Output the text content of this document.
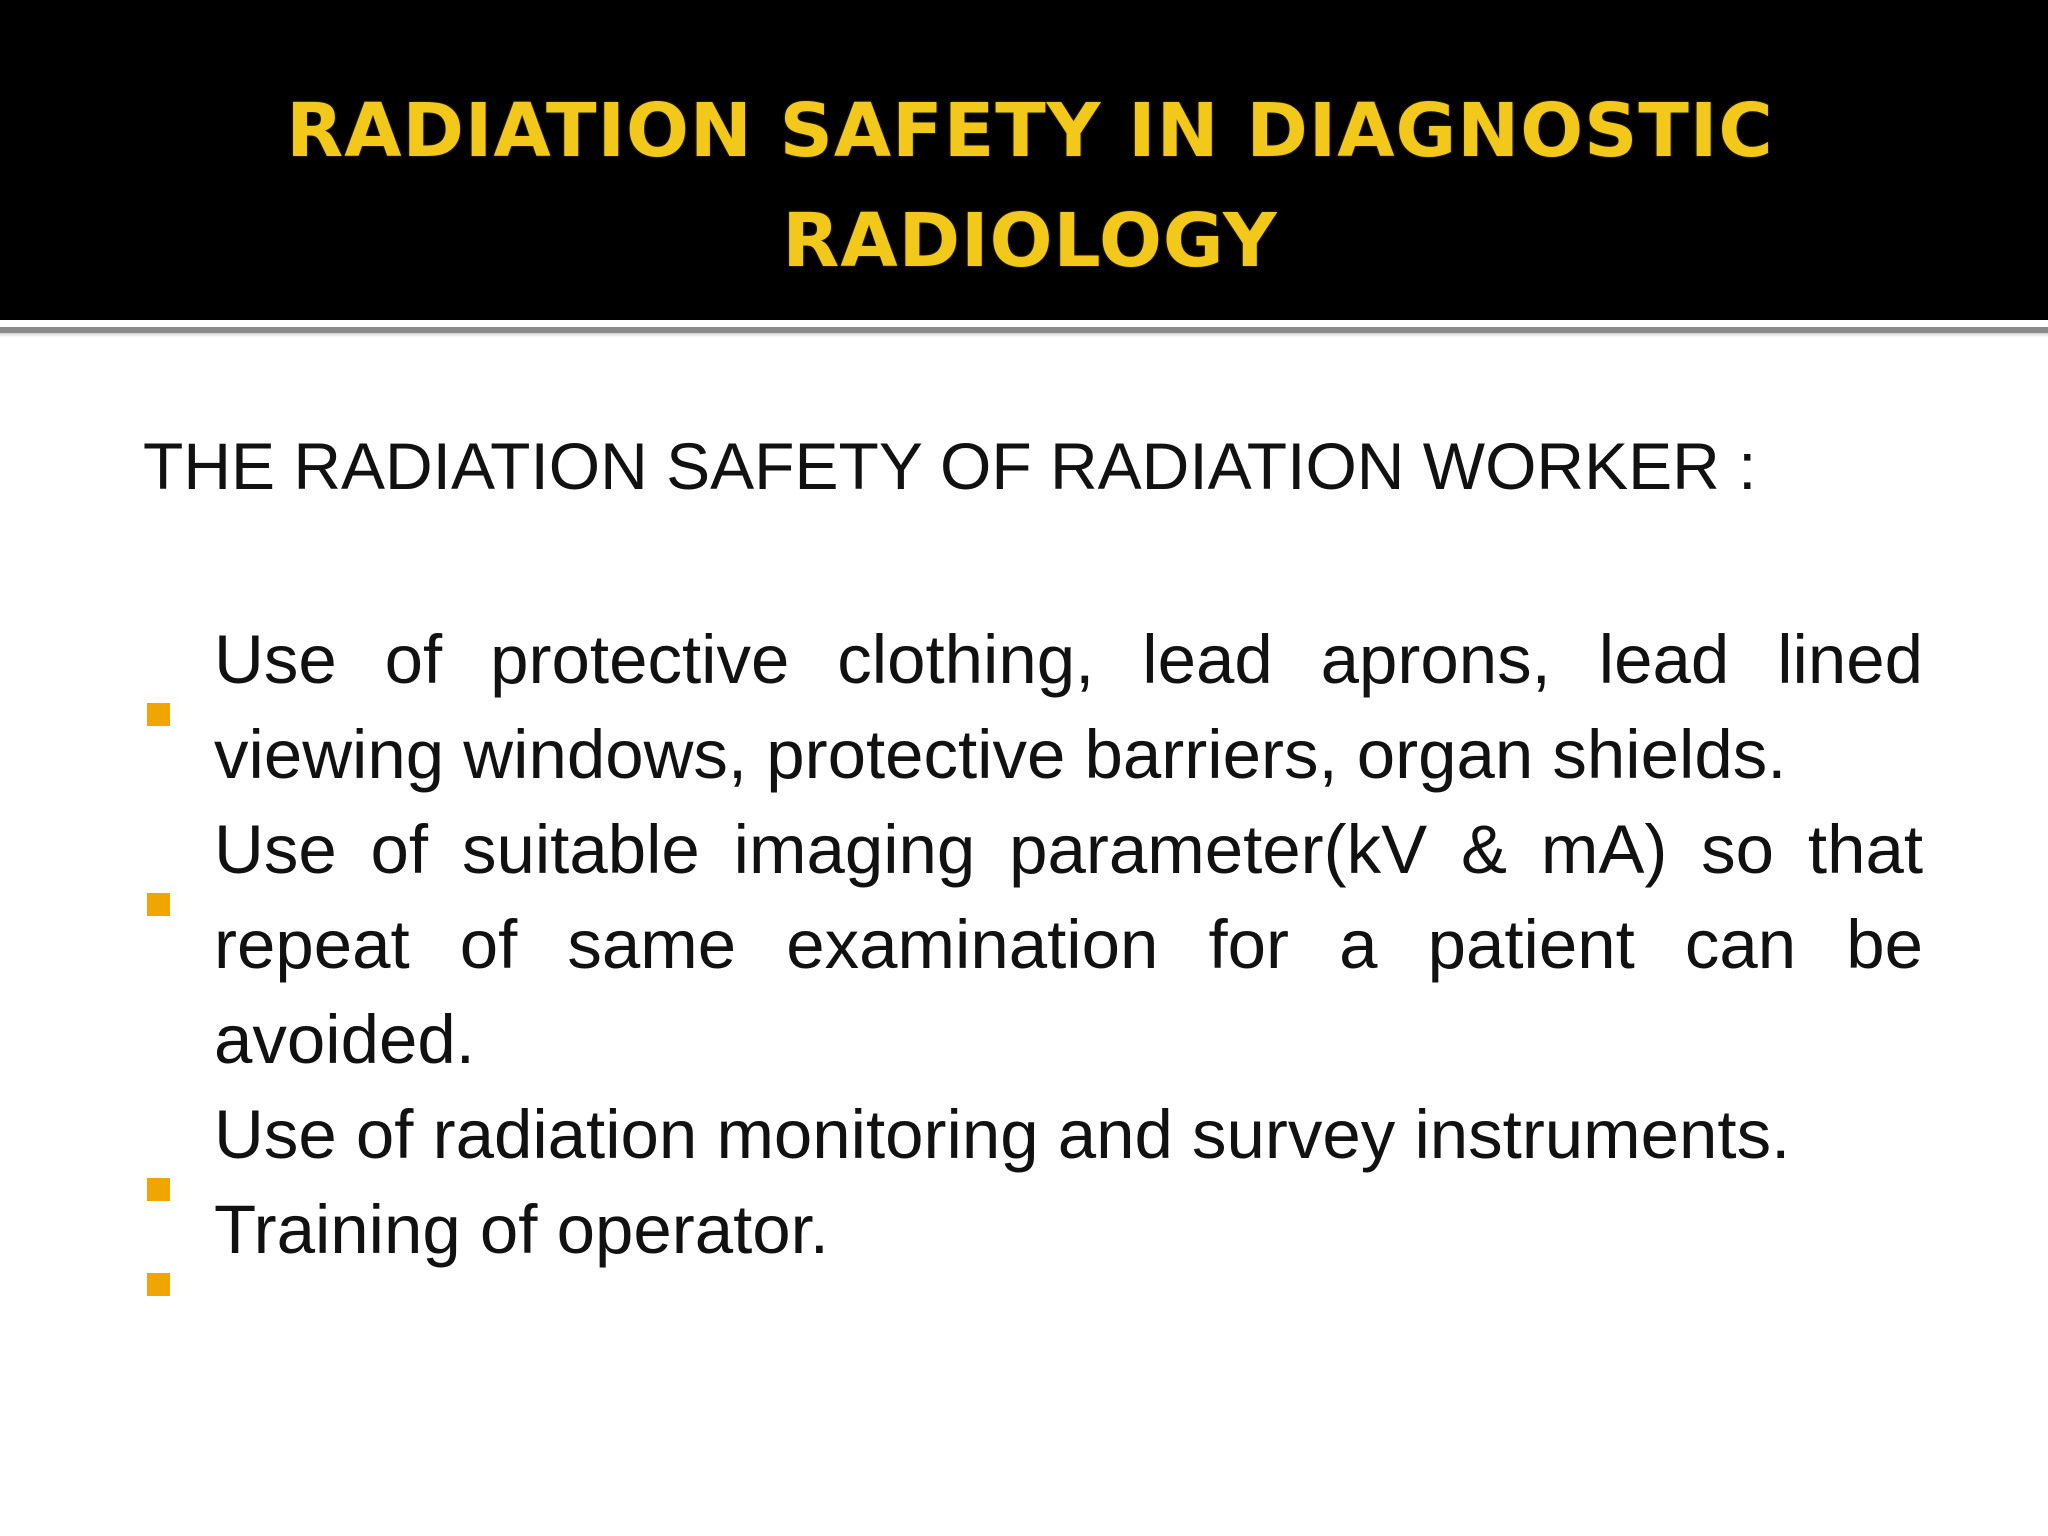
RADIATION SAFETY IN DIAGNOSTIC RADIOLOGY
THE RADIATION SAFETY OF RADIATION WORKER :
Use of protective clothing, lead aprons, lead lined viewing windows, protective barriers, organ shields.
Use of suitable imaging parameter(kV & mA) so that repeat of same examination for a patient can be avoided.
Use of radiation monitoring and survey instruments.
Training of operator.
